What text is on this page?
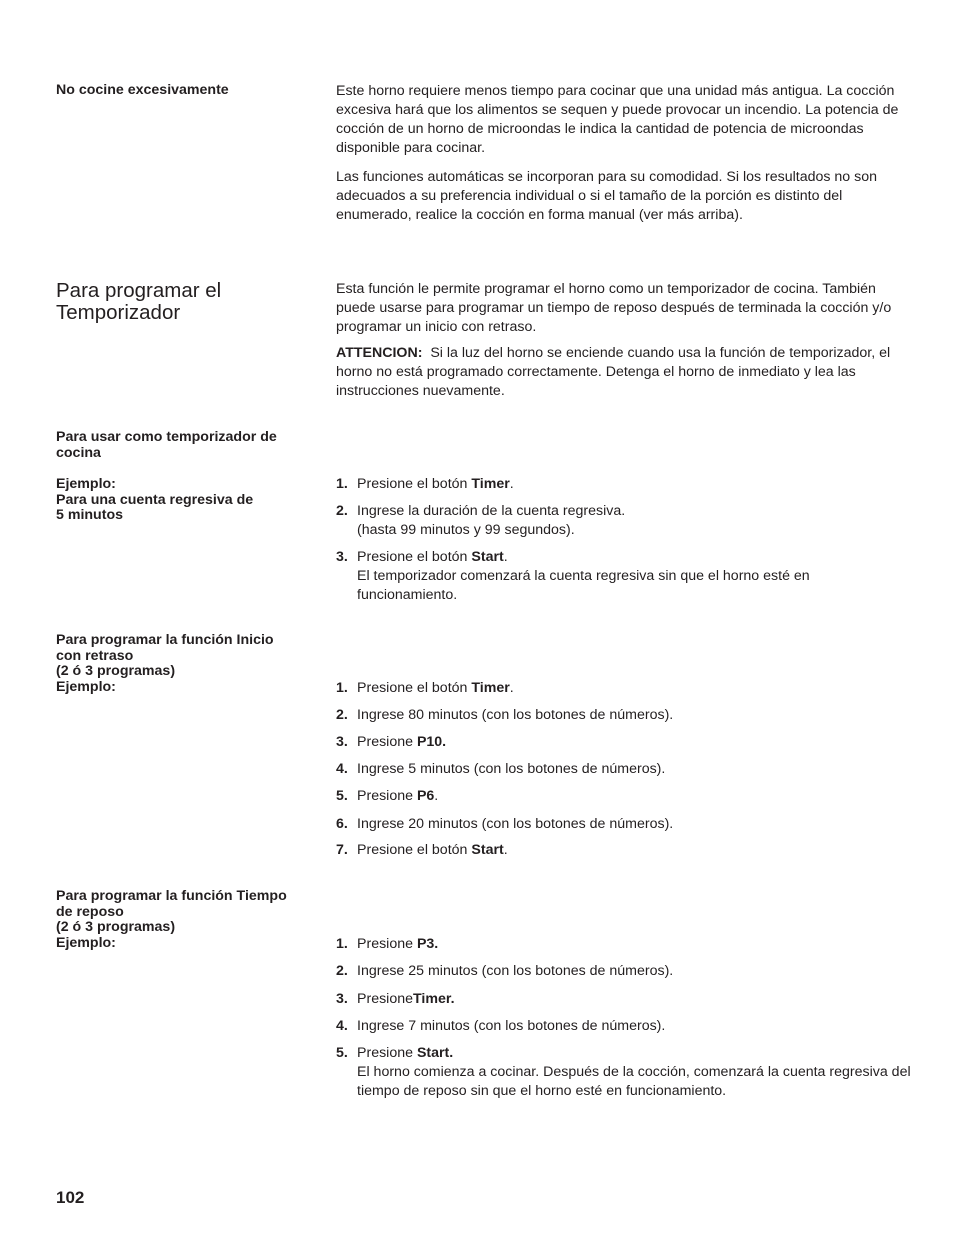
No cocine excesivamente	Este horno requiere menos tiempo para cocinar que una unidad más antigua. La cocción excesiva hará que los alimentos se sequen y puede provocar un incendio. La potencia de cocción de un horno de microondas le indica la cantidad de potencia de microondas disponible para cocinar.
Las funciones automáticas se incorporan para su comodidad. Si los resultados no son adecuados a su preferencia individual o si el tamaño de la porción es distinto del enumerado, realice la cocción en forma manual (ver más arriba).
Para programar el
Temporizador
Esta función le permite programar el horno como un temporizador de cocina. También puede usarse para programar un tiempo de reposo después de terminada la cocción y/o programar un inicio con retraso.
ATTENCION: Si la luz del horno se enciende cuando usa la función de temporizador, el horno no está programado correctamente. Detenga el horno de inmediato y lea las instrucciones nuevamente.
Para usar como temporizador de
cocina
Ejemplo:
Para una cuenta regresiva de
5 minutos
1. Presione el botón Timer.
2. Ingrese la duración de la cuenta regresiva.
(hasta 99 minutos y 99 segundos).
3. Presione el botón Start.
El temporizador comenzará la cuenta regresiva sin que el horno esté en funcionamiento.
Para programar la función Inicio
con retraso
(2 ó 3 programas)
Ejemplo:	1. Presione el botón Timer.
2. Ingrese 80 minutos (con los botones de números).
3. Presione P10.
4. Ingrese 5 minutos (con los botones de números).
5. Presione P6.
6. Ingrese 20 minutos (con los botones de números).
7. Presione el botón Start.
Para programar la función Tiempo
de reposo
(2 ó 3 programas)
Ejemplo:	1. Presione P3.
2. Ingrese 25 minutos (con los botones de números).
3. PresioneTimer.
4. Ingrese 7 minutos (con los botones de números).
5. Presione Start.
El horno comienza a cocinar. Después de la cocción, comenzará la cuenta regresiva del tiempo de reposo sin que el horno esté en funcionamiento.
102
